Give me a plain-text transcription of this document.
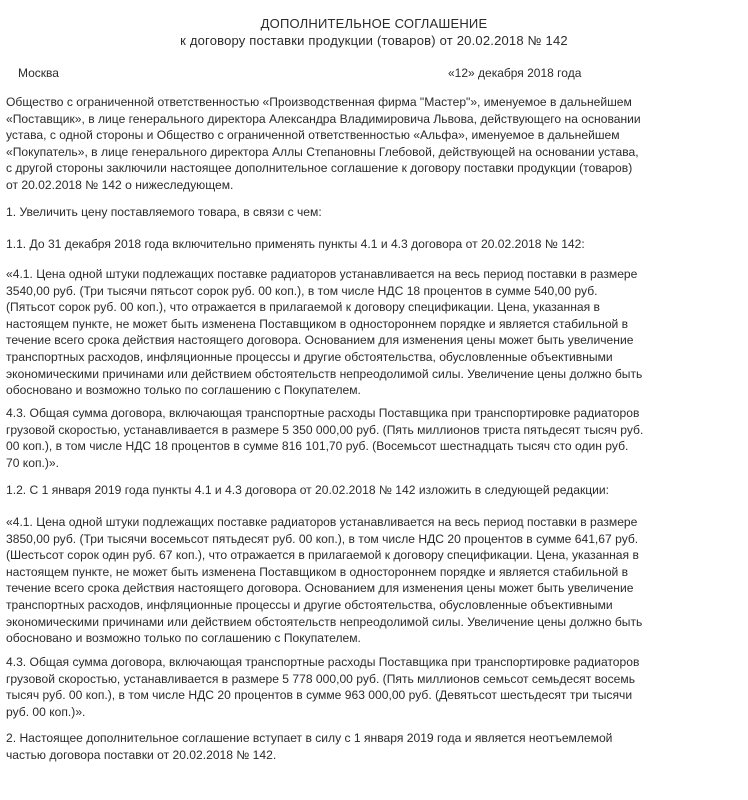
ДОПОЛНИТЕЛЬНОЕ СОГЛАШЕНИЕ
к договору поставки продукции (товаров) от 20.02.2018 № 142
Москва	«12» декабря 2018 года
Общество с ограниченной ответственностью «Производственная фирма "Мастер"», именуемое в дальнейшем
«Поставщик», в лице генерального директора Александра Владимировича Львова, действующего на основании
устава, с одной стороны и Общество с ограниченной ответственностью «Альфа», именуемое в дальнейшем
«Покупатель», в лице генерального директора Аллы Степановны Глебовой, действующей на основании устава,
с другой стороны заключили настоящее дополнительное соглашение к договору поставки продукции (товаров)
от 20.02.2018 № 142 о нижеследующем.
1. Увеличить цену поставляемого товара, в связи с чем:
1.1. До 31 декабря 2018 года включительно применять пункты 4.1 и 4.3 договора от 20.02.2018 № 142:
«4.1. Цена одной штуки подлежащих поставке радиаторов устанавливается на весь период поставки в размере
3540,00 руб. (Три тысячи пятьсот сорок руб. 00 коп.), в том числе НДС 18 процентов в сумме 540,00 руб.
(Пятьсот сорок руб. 00 коп.), что отражается в прилагаемой к договору спецификации. Цена, указанная в
настоящем пункте, не может быть изменена Поставщиком в одностороннем порядке и является стабильной в
течение всего срока действия настоящего договора. Основанием для изменения цены может быть увеличение
транспортных расходов, инфляционные процессы и другие обстоятельства, обусловленные объективными
экономическими причинами или действием обстоятельств непреодолимой силы. Увеличение цены должно быть
обосновано и возможно только по соглашению с Покупателем.
4.3. Общая сумма договора, включающая транспортные расходы Поставщика при транспортировке радиаторов
грузовой скоростью, устанавливается в размере 5 350 000,00 руб. (Пять миллионов триста пятьдесят тысяч руб.
00 коп.), в том числе НДС 18 процентов в сумме 816 101,70 руб. (Восемьсот шестнадцать тысяч сто один руб.
70 коп.)».
1.2. С 1 января 2019 года пункты 4.1 и 4.3 договора от 20.02.2018 № 142 изложить в следующей редакции:
«4.1. Цена одной штуки подлежащих поставке радиаторов устанавливается на весь период поставки в размере
3850,00 руб. (Три тысячи восемьсот пятьдесят руб. 00 коп.), в том числе НДС 20 процентов в сумме 641,67 руб.
(Шестьсот сорок один руб. 67 коп.), что отражается в прилагаемой к договору спецификации. Цена, указанная в
настоящем пункте, не может быть изменена Поставщиком в одностороннем порядке и является стабильной в
течение всего срока действия настоящего договора. Основанием для изменения цены может быть увеличение
транспортных расходов, инфляционные процессы и другие обстоятельства, обусловленные объективными
экономическими причинами или действием обстоятельств непреодолимой силы. Увеличение цены должно быть
обосновано и возможно только по соглашению с Покупателем.
4.3. Общая сумма договора, включающая транспортные расходы Поставщика при транспортировке радиаторов
грузовой скоростью, устанавливается в размере 5 778 000,00 руб. (Пять миллионов семьсот семьдесят восемь
тысяч руб. 00 коп.), в том числе НДС 20 процентов в сумме 963 000,00 руб. (Девятьсот шестьдесят три тысячи
руб. 00 коп.)».
2. Настоящее дополнительное соглашение вступает в силу с 1 января 2019 года и является неотъемлемой
частью договора поставки от 20.02.2018 № 142.
